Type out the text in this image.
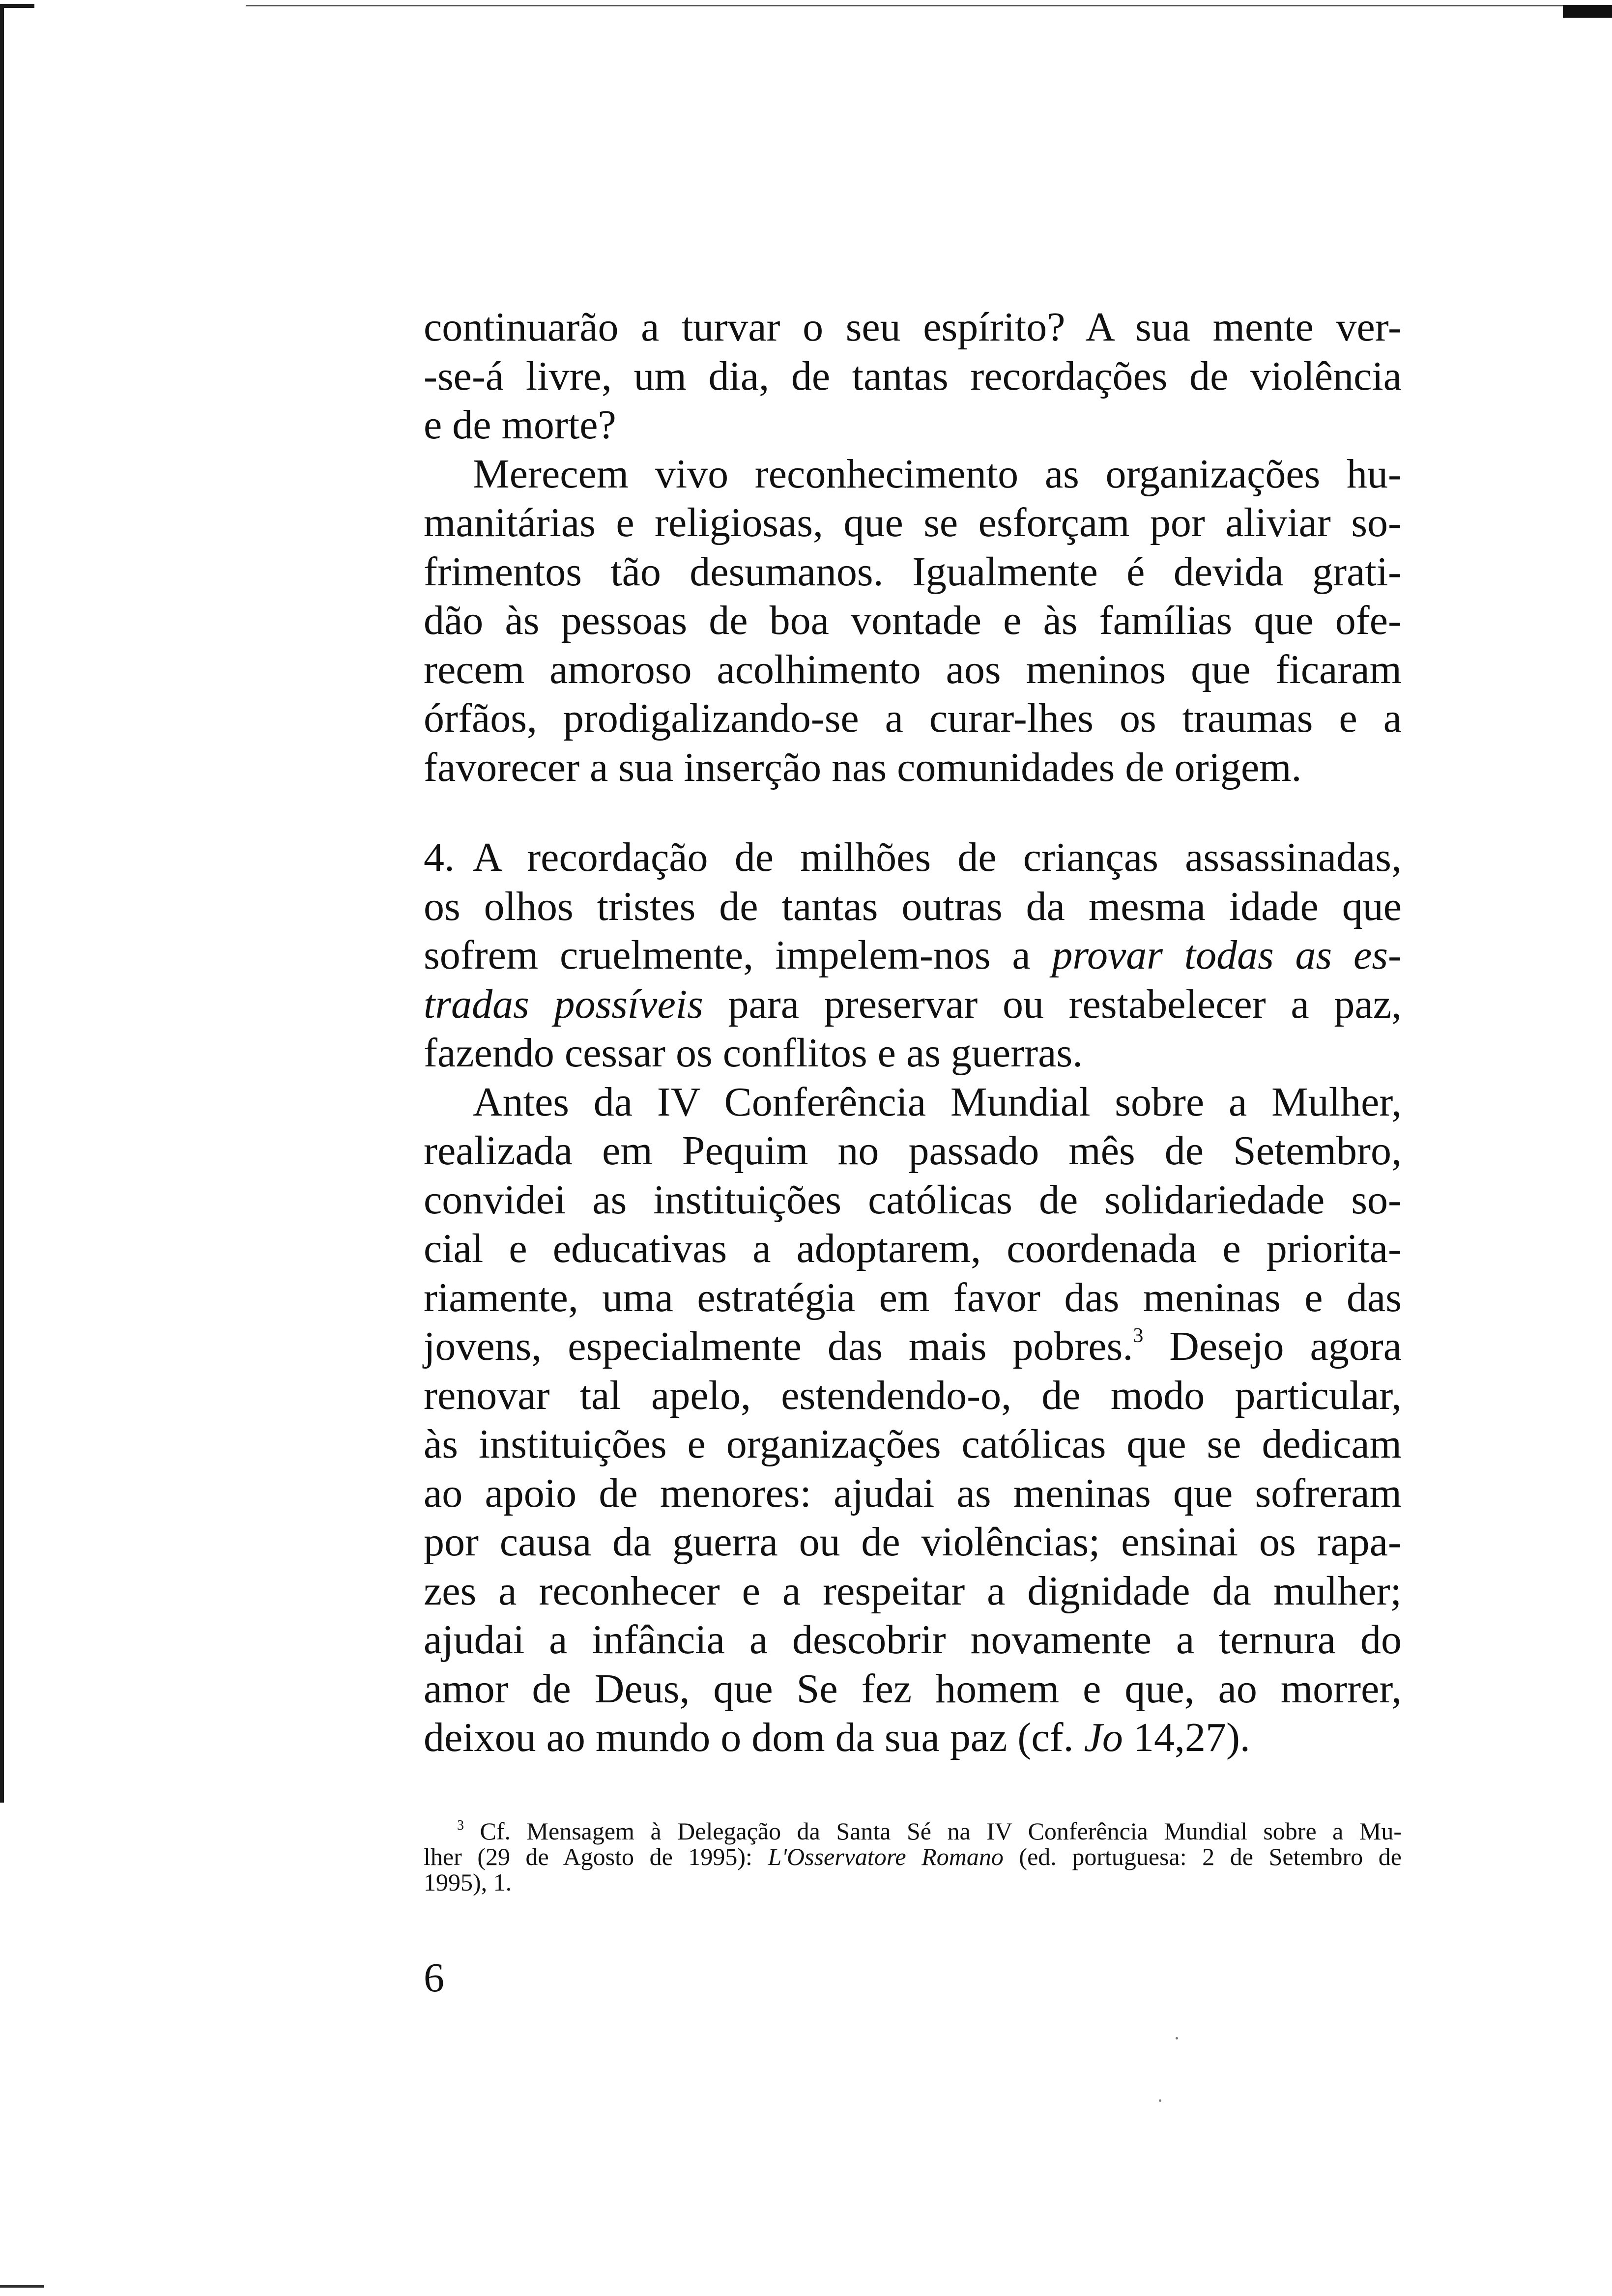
continuarão a turvar o seu espírito? A sua mente ver-
-se-á livre, um dia, de tantas recordações de violência
e de morte?
Merecem vivo reconhecimento as organizações hu-
manitárias e religiosas, que se esforçam por aliviar so-
frimentos tão desumanos. Igualmente é devida grati-
dão às pessoas de boa vontade e às famílias que ofe-
recem amoroso acolhimento aos meninos que ficaram
órfãos, prodigalizando-se a curar-lhes os traumas e a
favorecer a sua inserção nas comunidades de origem.
4. A recordação de milhões de crianças assassinadas,
os olhos tristes de tantas outras da mesma idade que
sofrem cruelmente, impelem-nos a provar todas as es-
tradas possíveis para preservar ou restabelecer a paz,
fazendo cessar os conflitos e as guerras.
Antes da IV Conferência Mundial sobre a Mulher,
realizada em Pequim no passado mês de Setembro,
convidei as instituições católicas de solidariedade so-
cial e educativas a adoptarem, coordenada e priorita-
riamente, uma estratégia em favor das meninas e das
jovens, especialmente das mais pobres.$^3$ Desejo agora
renovar tal apelo, estendendo-o, de modo particular,
às instituições e organizações católicas que se dedicam
ao apoio de menores: ajudai as meninas que sofreram
por causa da guerra ou de violências; ensinai os rapa-
zes a reconhecer e a respeitar a dignidade da mulher;
ajudai a infância a descobrir novamente a ternura do
amor de Deus, que Se fez homem e que, ao morrer,
deixou ao mundo o dom da sua paz (cf. Jo 14,27).
$^3$ Cf. Mensagem à Delegação da Santa Sé na IV Conferência Mundial sobre a Mu-
lher (29 de Agosto de 1995): L'Osservatore Romano (ed. portuguesa: 2 de Setembro de
1995), 1.
6
